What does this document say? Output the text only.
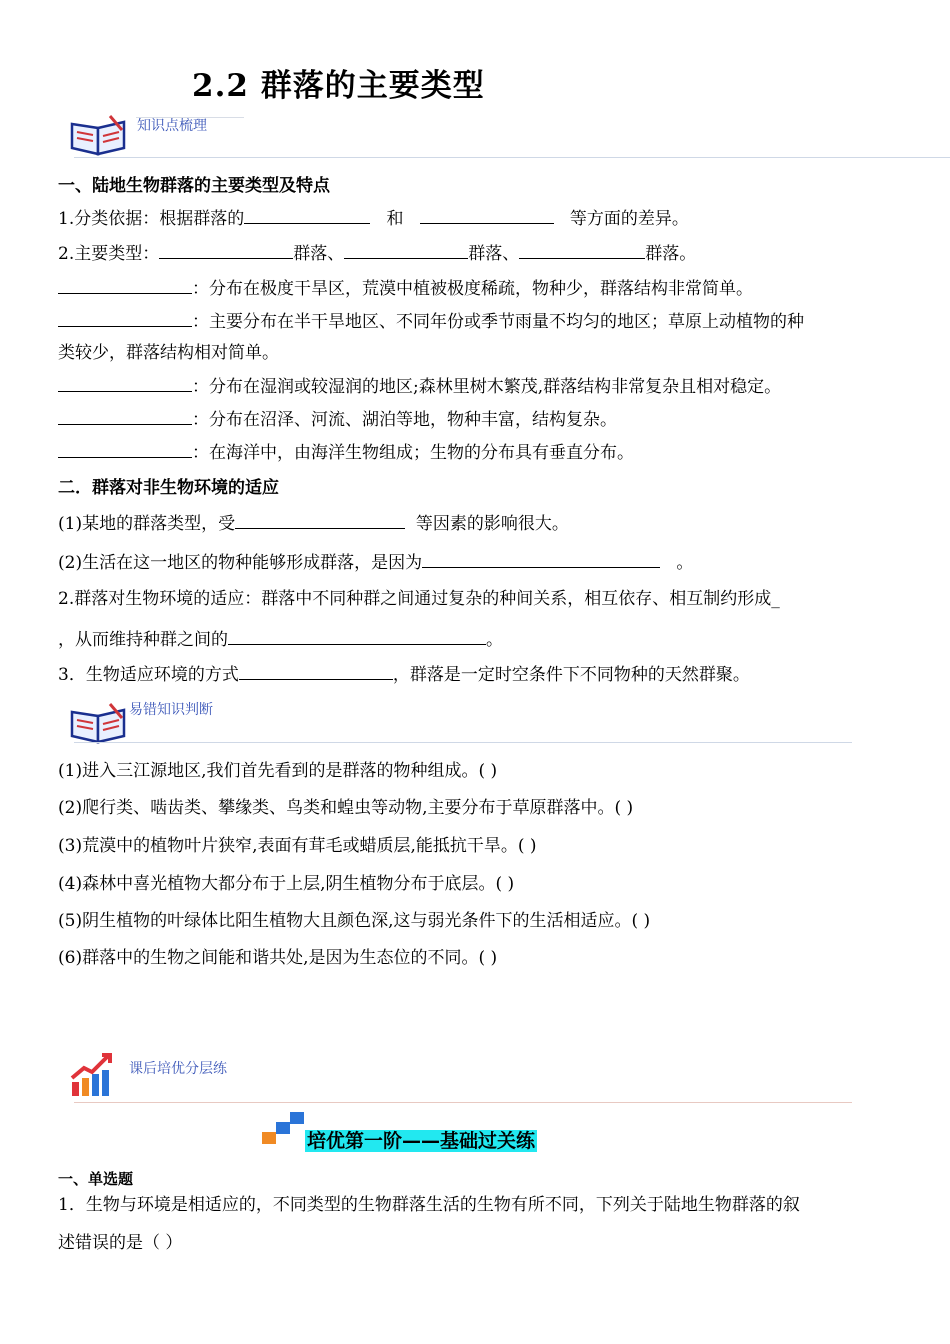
2.2 群落的主要类型
知识点梳理
一、陆地生物群落的主要类型及特点
1.分类依据：根据群落的	和	等方面的差异。
2.主要类型：	群落、	群落、	群落。
：分布在极度干旱区，荒漠中植被极度稀疏，物种少，群落结构非常简单。
：主要分布在半干旱地区、不同年份或季节雨量不均匀的地区；草原上动植物的种
类较少，群落结构相对简单。
：分布在湿润或较湿润的地区;森林里树木繁茂,群落结构非常复杂且相对稳定。
：分布在沼泽、河流、湖泊等地，物种丰富，结构复杂。
：在海洋中，由海洋生物组成；生物的分布具有垂直分布。
二．群落对非生物环境的适应
(1)某地的群落类型，受	等因素的影响很大。
(2)生活在这一地区的物种能够形成群落，是因为	。
2.群落对生物环境的适应：群落中不同种群之间通过复杂的种间关系，相互依存、相互制约形成_
，从而维持种群之间的	。
3．生物适应环境的方式	，群落是一定时空条件下不同物种的天然群聚。
易错知识判断
(1)进入三江源地区,我们首先看到的是群落的物种组成。( )
(2)爬行类、啮齿类、攀缘类、鸟类和蝗虫等动物,主要分布于草原群落中。( )
(3)荒漠中的植物叶片狭窄,表面有茸毛或蜡质层,能抵抗干旱。( )
(4)森林中喜光植物大都分布于上层,阴生植物分布于底层。( )
(5)阴生植物的叶绿体比阳生植物大且颜色深,这与弱光条件下的生活相适应。( )
(6)群落中的生物之间能和谐共处,是因为生态位的不同。( )
课后培优分层练
培优第一阶——基础过关练
一、单选题
1．生物与环境是相适应的，不同类型的生物群落生活的生物有所不同，下列关于陆地生物群落的叙
述错误的是（ ）
